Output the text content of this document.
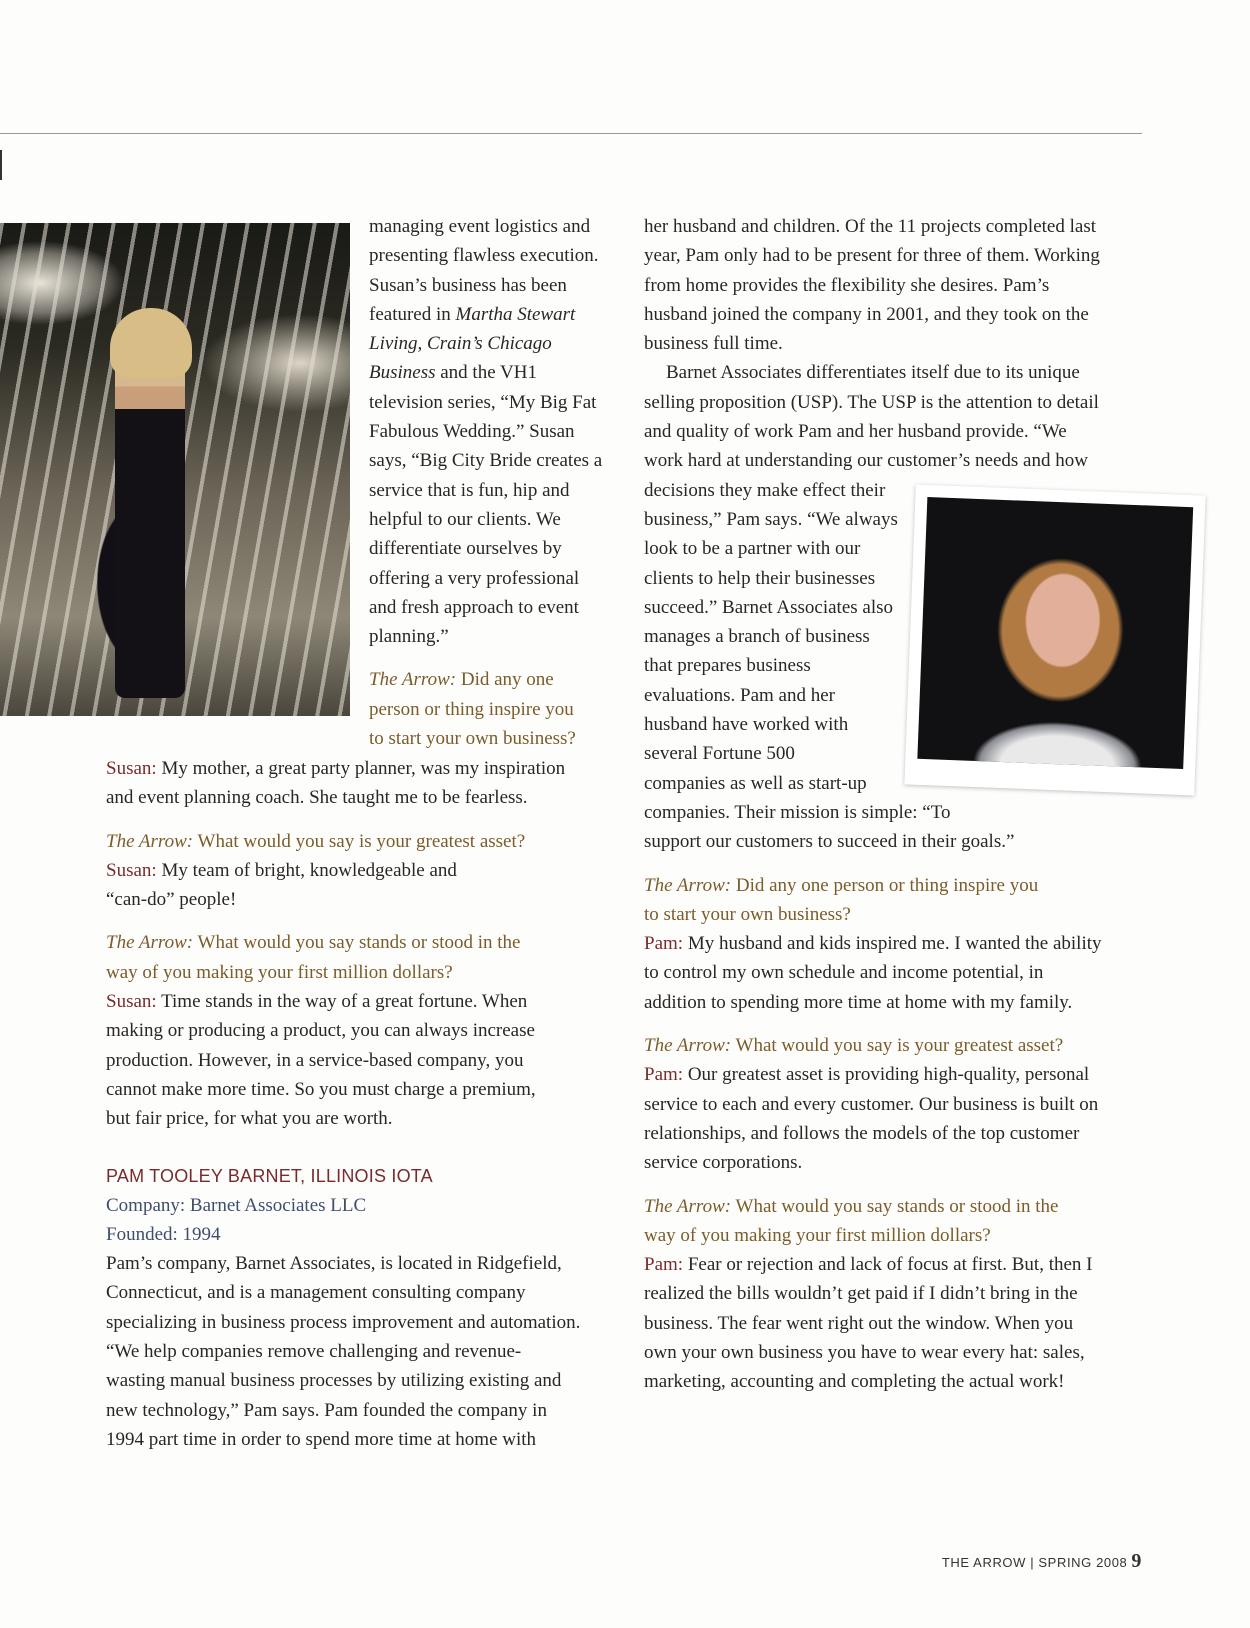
managing event logistics and

presenting flawless execution.

Susan’s business has been

featured in Martha Stewart

Living, Crain’s Chicago

Business and the VH1

television series, “My Big Fat

Fabulous Wedding.” Susan

says, “Big City Bride creates a

service that is fun, hip and

helpful to our clients. We

differentiate ourselves by

offering a very professional

and fresh approach to event

planning.”

The Arrow: Did any one

person or thing inspire you

to start your own business?

Susan: My mother, a great party planner, was my inspiration

and event planning coach. She taught me to be fearless.

The Arrow: What would you say is your greatest asset?

Susan: My team of bright, knowledgeable and

“can-do” people!

The Arrow: What would you say stands or stood in the

way of you making your first million dollars?

Susan: Time stands in the way of a great fortune. When

making or producing a product, you can always increase

production. However, in a service-based company, you

cannot make more time. So you must charge a premium,

but fair price, for what you are worth.

PAM TOOLEY BARNET, ILLINOIS IOTA

Company: Barnet Associates LLC

Founded: 1994

Pam’s company, Barnet Associates, is located in Ridgefield,

Connecticut, and is a management consulting company

specializing in business process improvement and automation.

“We help companies remove challenging and revenue-

wasting manual business processes by utilizing existing and

new technology,” Pam says. Pam founded the company in

1994 part time in order to spend more time at home with

her husband and children. Of the 11 projects completed last

year, Pam only had to be present for three of them. Working

from home provides the flexibility she desires. Pam’s

husband joined the company in 2001, and they took on the

business full time.

Barnet Associates differentiates itself due to its unique

selling proposition (USP). The USP is the attention to detail

and quality of work Pam and her husband provide. “We

work hard at understanding our customer’s needs and how

decisions they make effect their

business,” Pam says. “We always

look to be a partner with our

clients to help their businesses

succeed.” Barnet Associates also

manages a branch of business

that prepares business

evaluations. Pam and her

husband have worked with

several Fortune 500

companies as well as start-up

companies. Their mission is simple: “To

support our customers to succeed in their goals.”

The Arrow: Did any one person or thing inspire you

to start your own business?

Pam: My husband and kids inspired me. I wanted the ability

to control my own schedule and income potential, in

addition to spending more time at home with my family.

The Arrow: What would you say is your greatest asset?

Pam: Our greatest asset is providing high-quality, personal

service to each and every customer. Our business is built on

relationships, and follows the models of the top customer

service corporations.

The Arrow: What would you say stands or stood in the

way of you making your first million dollars?

Pam: Fear or rejection and lack of focus at first. But, then I

realized the bills wouldn’t get paid if I didn’t bring in the

business. The fear went right out the window. When you

own your own business you have to wear every hat: sales,

marketing, accounting and completing the actual work!

THE ARROW | SPRING 2008 9
